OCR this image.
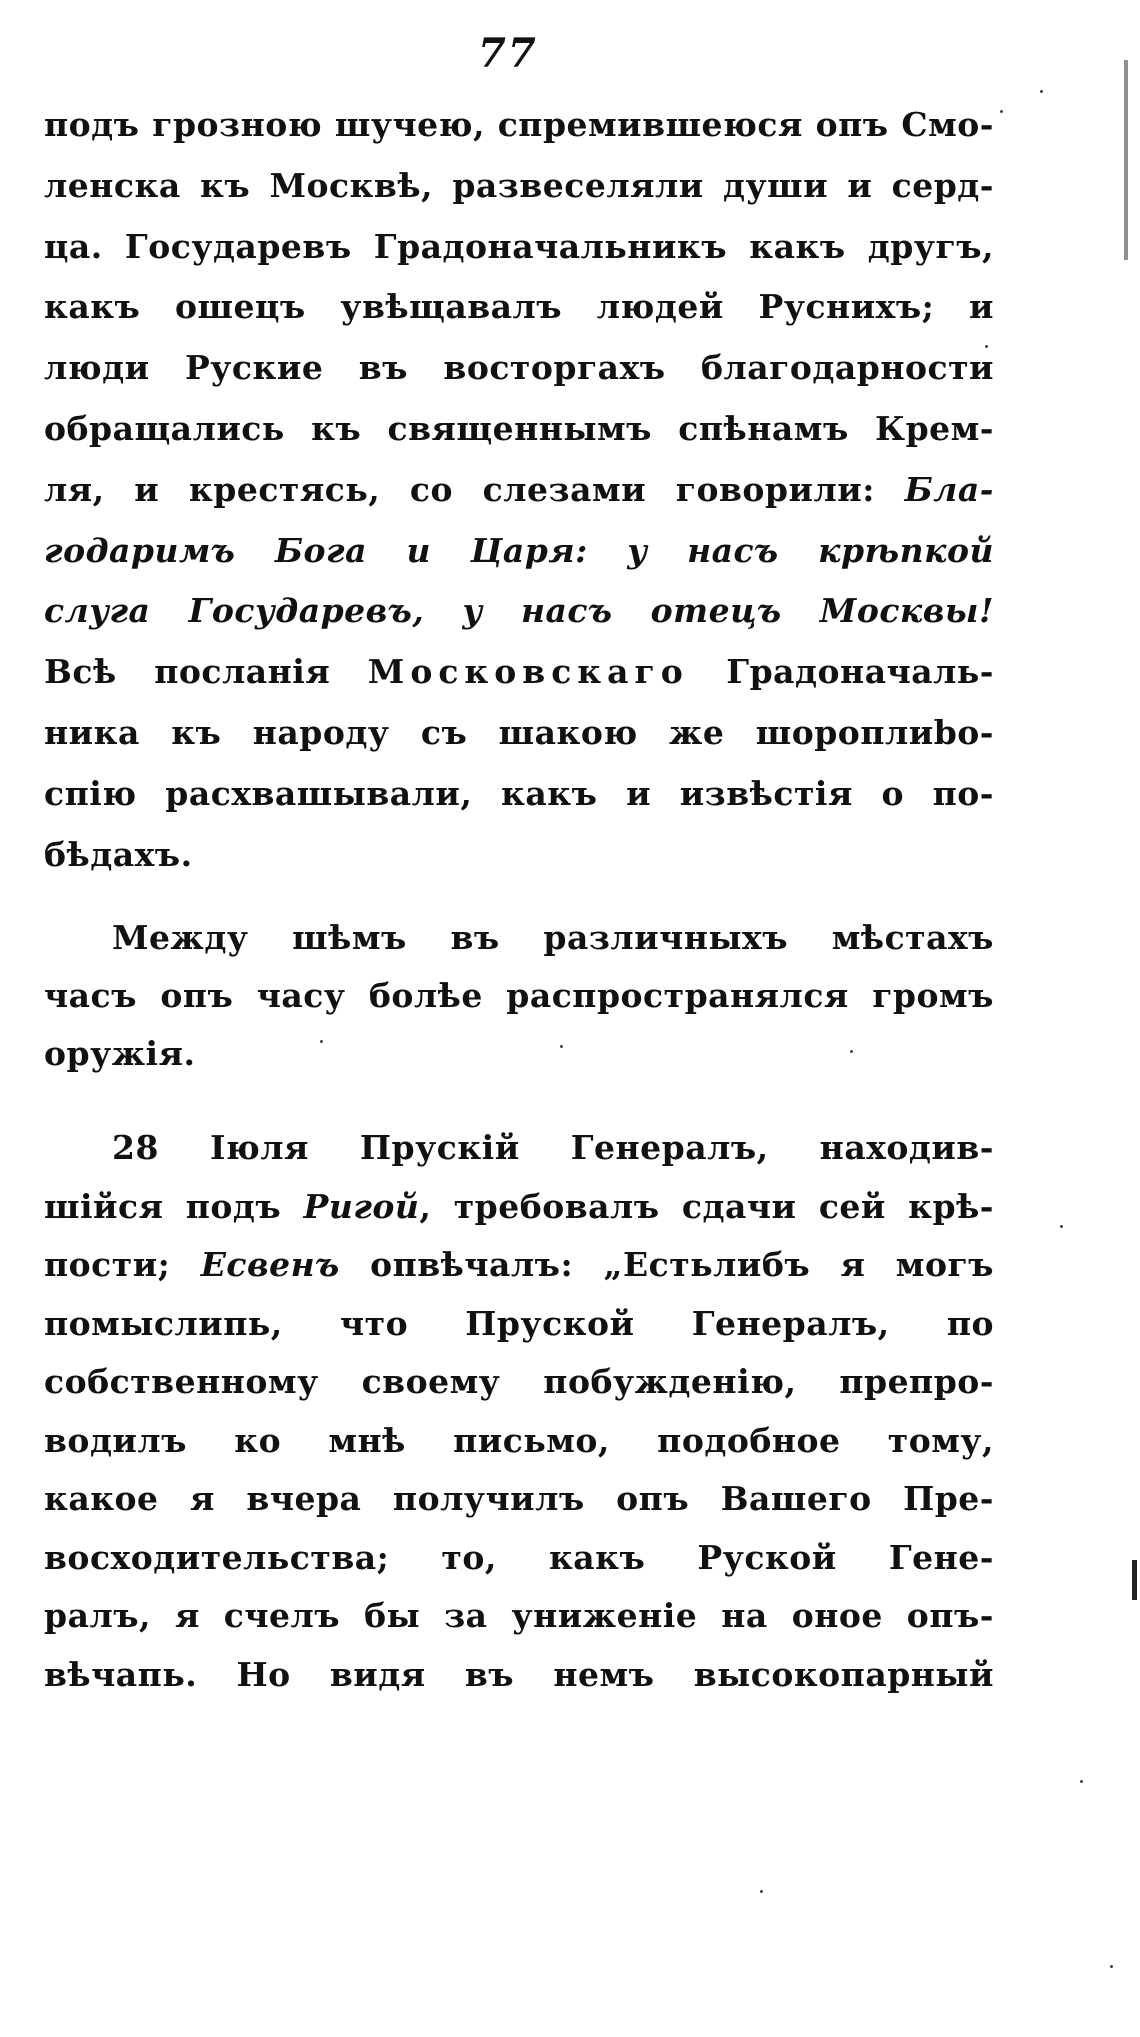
77
подъ грозною шучею, спремившеюся опъ Смо-
ленска къ Москвѣ, развеселяли души и серд-
ца. Государевъ Градоначальникъ какъ другъ,
какъ ошецъ увѣщавалъ людей Руснихъ; и
люди Руские въ восторгахъ благодарности
обращались къ священнымъ спѣнамъ Крем-
ля, и крестясь, со слезами говорили: Бла-
годаримъ Бога и Царя: у насъ крѣпкой
слуга Государевъ, у насъ отецъ Москвы!
Всѣ посланія Московскаго Градоначаль-
ника къ народу съ шакою же шороплиbо-
спію расхвашывали, какъ и извѣстія о по-
бѣдахъ.
Между шѣмъ въ различныхъ мѣстахъ
часъ опъ часу болѣе распространялся громъ
оружія.
28 Іюля Прускій Генералъ, находив-
шійся подъ Ригой, требовалъ сдачи сей крѣ-
пости; Есвенъ опвѣчалъ: „Естьлибъ я могъ
помыслипь, что Пруской Генералъ, по
собственному своему побужденію, препро-
водилъ ко мнѣ письмо, подобное тому,
какое я вчера получилъ опъ Вашего Пре-
восходительства; то, какъ Руской Гене-
ралъ, я счелъ бы за униженіе на оное опъ-
вѣчапь. Но видя въ немъ высокопарный
